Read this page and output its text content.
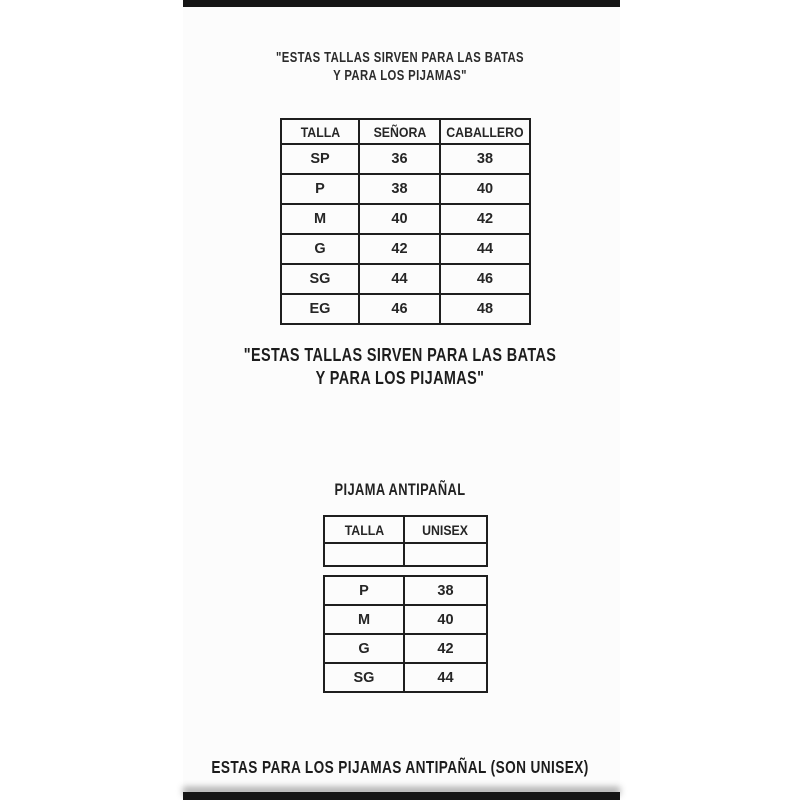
"ESTAS TALLAS SIRVEN PARA LAS BATAS
Y PARA LOS PIJAMAS"
TALLA	SEÑORA	CABALLERO
SP	36	38
P	38	40
M	40	42
G	42	44
SG	44	46
EG	46	48
"ESTAS TALLAS SIRVEN PARA LAS BATAS
Y PARA LOS PIJAMAS"
PIJAMA ANTIPAÑAL
TALLA	UNISEX

P	38
M	40
G	42
SG	44
ESTAS PARA LOS PIJAMAS ANTIPAÑAL (SON UNISEX)
